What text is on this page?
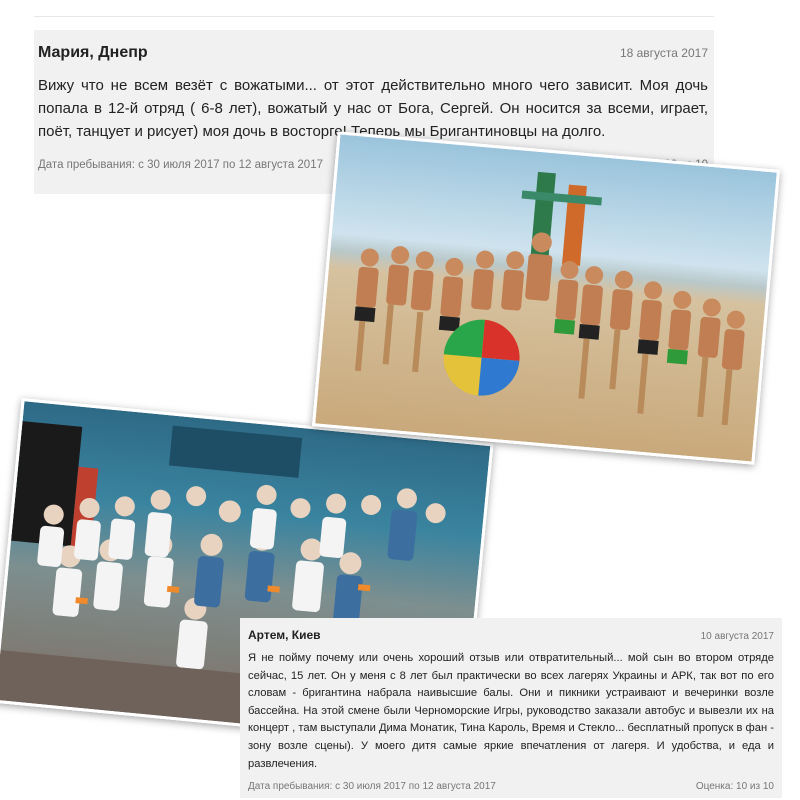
Мария, Днепр	18 августа 2017
Вижу что не всем везёт с вожатыми... от этот действительно много чего зависит. Моя дочь попала в 12-й отряд ( 6-8 лет), вожатый у нас от Бога, Сергей. Он носится за всеми, играет, поёт, танцует и рисует) моя дочь в восторге! Теперь мы Бригантиновцы на долго.
Дата пребывания: с 30 июля 2017 по 12 августа 2017
Артем, Киев	10 августа 2017
Я не пойму почему или очень хороший отзыв или отвратительный... мой сын во втором отряде сейчас, 15 лет. Он у меня с 8 лет был практически во всех лагерях Украины и АРК, так вот по его словам - бригантина набрала наивысшие балы. Они и пикники устраивают и вечеринки возле бассейна. На этой смене были Черноморские Игры, руководство заказали автобус и вывезли их на концерт , там выступали Дима Монатик, Тина Кароль, Время и Стекло... бесплатный пропуск в фан - зону возле сцены). У моего дитя самые яркие впечатления от лагеря. И удобства, и еда и развлечения.
Дата пребывания: с 30 июля 2017 по 12 августа 2017	Оценка: 10 из 10
